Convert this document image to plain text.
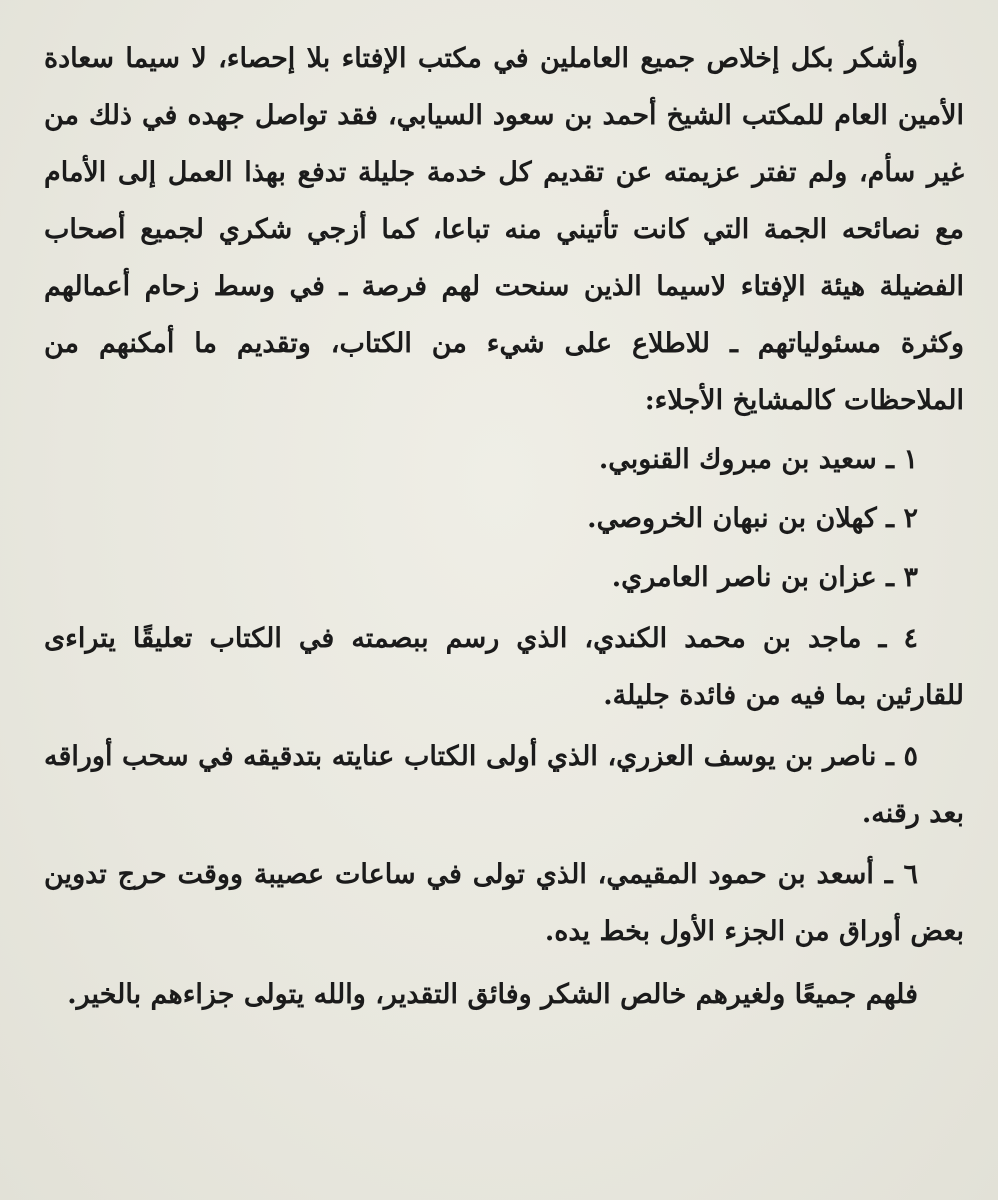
وأشكر بكل إخلاص جميع العاملين في مكتب الإفتاء بلا إحصاء، لا سيما سعادة الأمين العام للمكتب الشيخ أحمد بن سعود السيابي، فقد تواصل جهده في ذلك من غير سأم، ولم تفتر عزيمته عن تقديم كل خدمة جليلة تدفع بهذا العمل إلى الأمام مع نصائحه الجمة التي كانت تأتيني منه تباعا، كما أزجي شكري لجميع أصحاب الفضيلة هيئة الإفتاء لاسيما الذين سنحت لهم فرصة ـ في وسط زحام أعمالهم وكثرة مسئولياتهم ـ للاطلاع على شيء من الكتاب، وتقديم ما أمكنهم من الملاحظات كالمشايخ الأجلاء:

١ ـ سعيد بن مبروك القنوبي.
٢ ـ كهلان بن نبهان الخروصي.
٣ ـ عزان بن ناصر العامري.
٤ ـ ماجد بن محمد الكندي، الذي رسم ببصمته في الكتاب تعليقًا يتراءى للقارئين بما فيه من فائدة جليلة.
٥ ـ ناصر بن يوسف العزري، الذي أولى الكتاب عنايته بتدقيقه في سحب أوراقه بعد رقنه.
٦ ـ أسعد بن حمود المقيمي، الذي تولى في ساعات عصيبة ووقت حرج تدوين بعض أوراق من الجزء الأول بخط يده.

فلهم جميعًا ولغيرهم خالص الشكر وفائق التقدير، والله يتولى جزاءهم بالخير.
